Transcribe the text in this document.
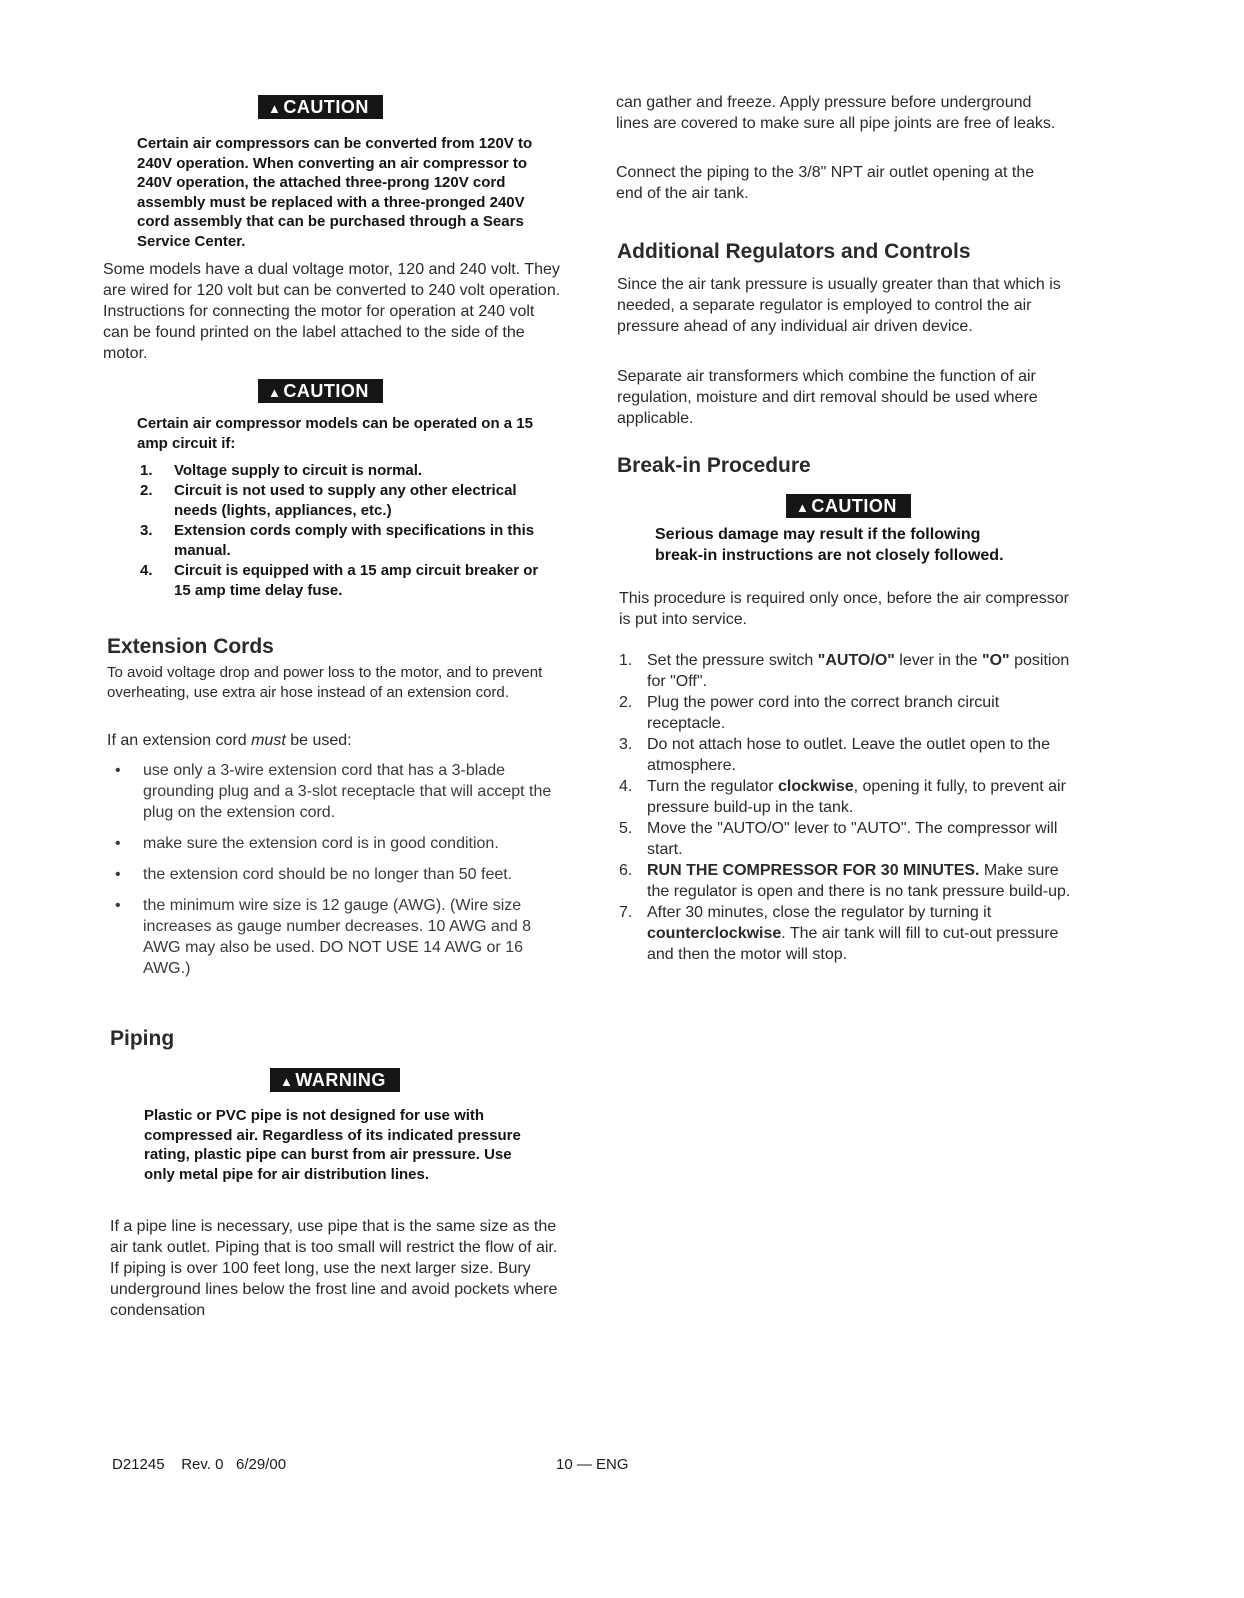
▲ CAUTION

Certain air compressors can be converted from 120V to 240V operation. When converting an air compressor to 240V operation, the attached three-prong 120V cord assembly must be replaced with a three-pronged 240V cord assembly that can be purchased through a Sears Service Center.

Some models have a dual voltage motor, 120 and 240 volt. They are wired for 120 volt but can be converted to 240 volt operation. Instructions for connecting the motor for operation at 240 volt can be found printed on the label attached to the side of the motor.

▲ CAUTION

Certain air compressor models can be operated on a 15 amp circuit if:

1. Voltage supply to circuit is normal.
2. Circuit is not used to supply any other electrical needs (lights, appliances, etc.)
3. Extension cords comply with specifications in this manual.
4. Circuit is equipped with a 15 amp circuit breaker or 15 amp time delay fuse.
Extension Cords

To avoid voltage drop and power loss to the motor, and to prevent overheating, use extra air hose instead of an extension cord.

If an extension cord must be used:

• use only a 3-wire extension cord that has a 3-blade grounding plug and a 3-slot receptacle that will accept the plug on the extension cord.
• make sure the extension cord is in good condition.
• the extension cord should be no longer than 50 feet.
• the minimum wire size is 12 gauge (AWG). (Wire size increases as gauge number decreases. 10 AWG and 8 AWG may also be used. DO NOT USE 14 AWG or 16 AWG.)
Piping
▲ WARNING

Plastic or PVC pipe is not designed for use with compressed air. Regardless of its indicated pressure rating, plastic pipe can burst from air pressure. Use only metal pipe for air distribution lines.

If a pipe line is necessary, use pipe that is the same size as the air tank outlet. Piping that is too small will restrict the flow of air. If piping is over 100 feet long, use the next larger size. Bury underground lines below the frost line and avoid pockets where condensation

can gather and freeze. Apply pressure before underground lines are covered to make sure all pipe joints are free of leaks.

Connect the piping to the 3/8" NPT air outlet opening at the end of the air tank.

Additional Regulators and Controls

Since the air tank pressure is usually greater than that which is needed, a separate regulator is employed to control the air pressure ahead of any individual air driven device.

Separate air transformers which combine the function of air regulation, moisture and dirt removal should be used where applicable.

Break-in Procedure
▲ CAUTION

Serious damage may result if the following break-in instructions are not closely followed.

This procedure is required only once, before the air compressor is put into service.

1. Set the pressure switch "AUTO/O" lever in the "O" position for "Off".
2. Plug the power cord into the correct branch circuit receptacle.
3. Do not attach hose to outlet. Leave the outlet open to the atmosphere.
4. Turn the regulator clockwise, opening it fully, to prevent air pressure build-up in the tank.
5. Move the "AUTO/O" lever to "AUTO". The compressor will start.
6. RUN THE COMPRESSOR FOR 30 MINUTES. Make sure the regulator is open and there is no tank pressure build-up.
7. After 30 minutes, close the regulator by turning it counterclockwise. The air tank will fill to cut-out pressure and then the motor will stop.
D21245 Rev. 0 6/29/00	10 — ENG
